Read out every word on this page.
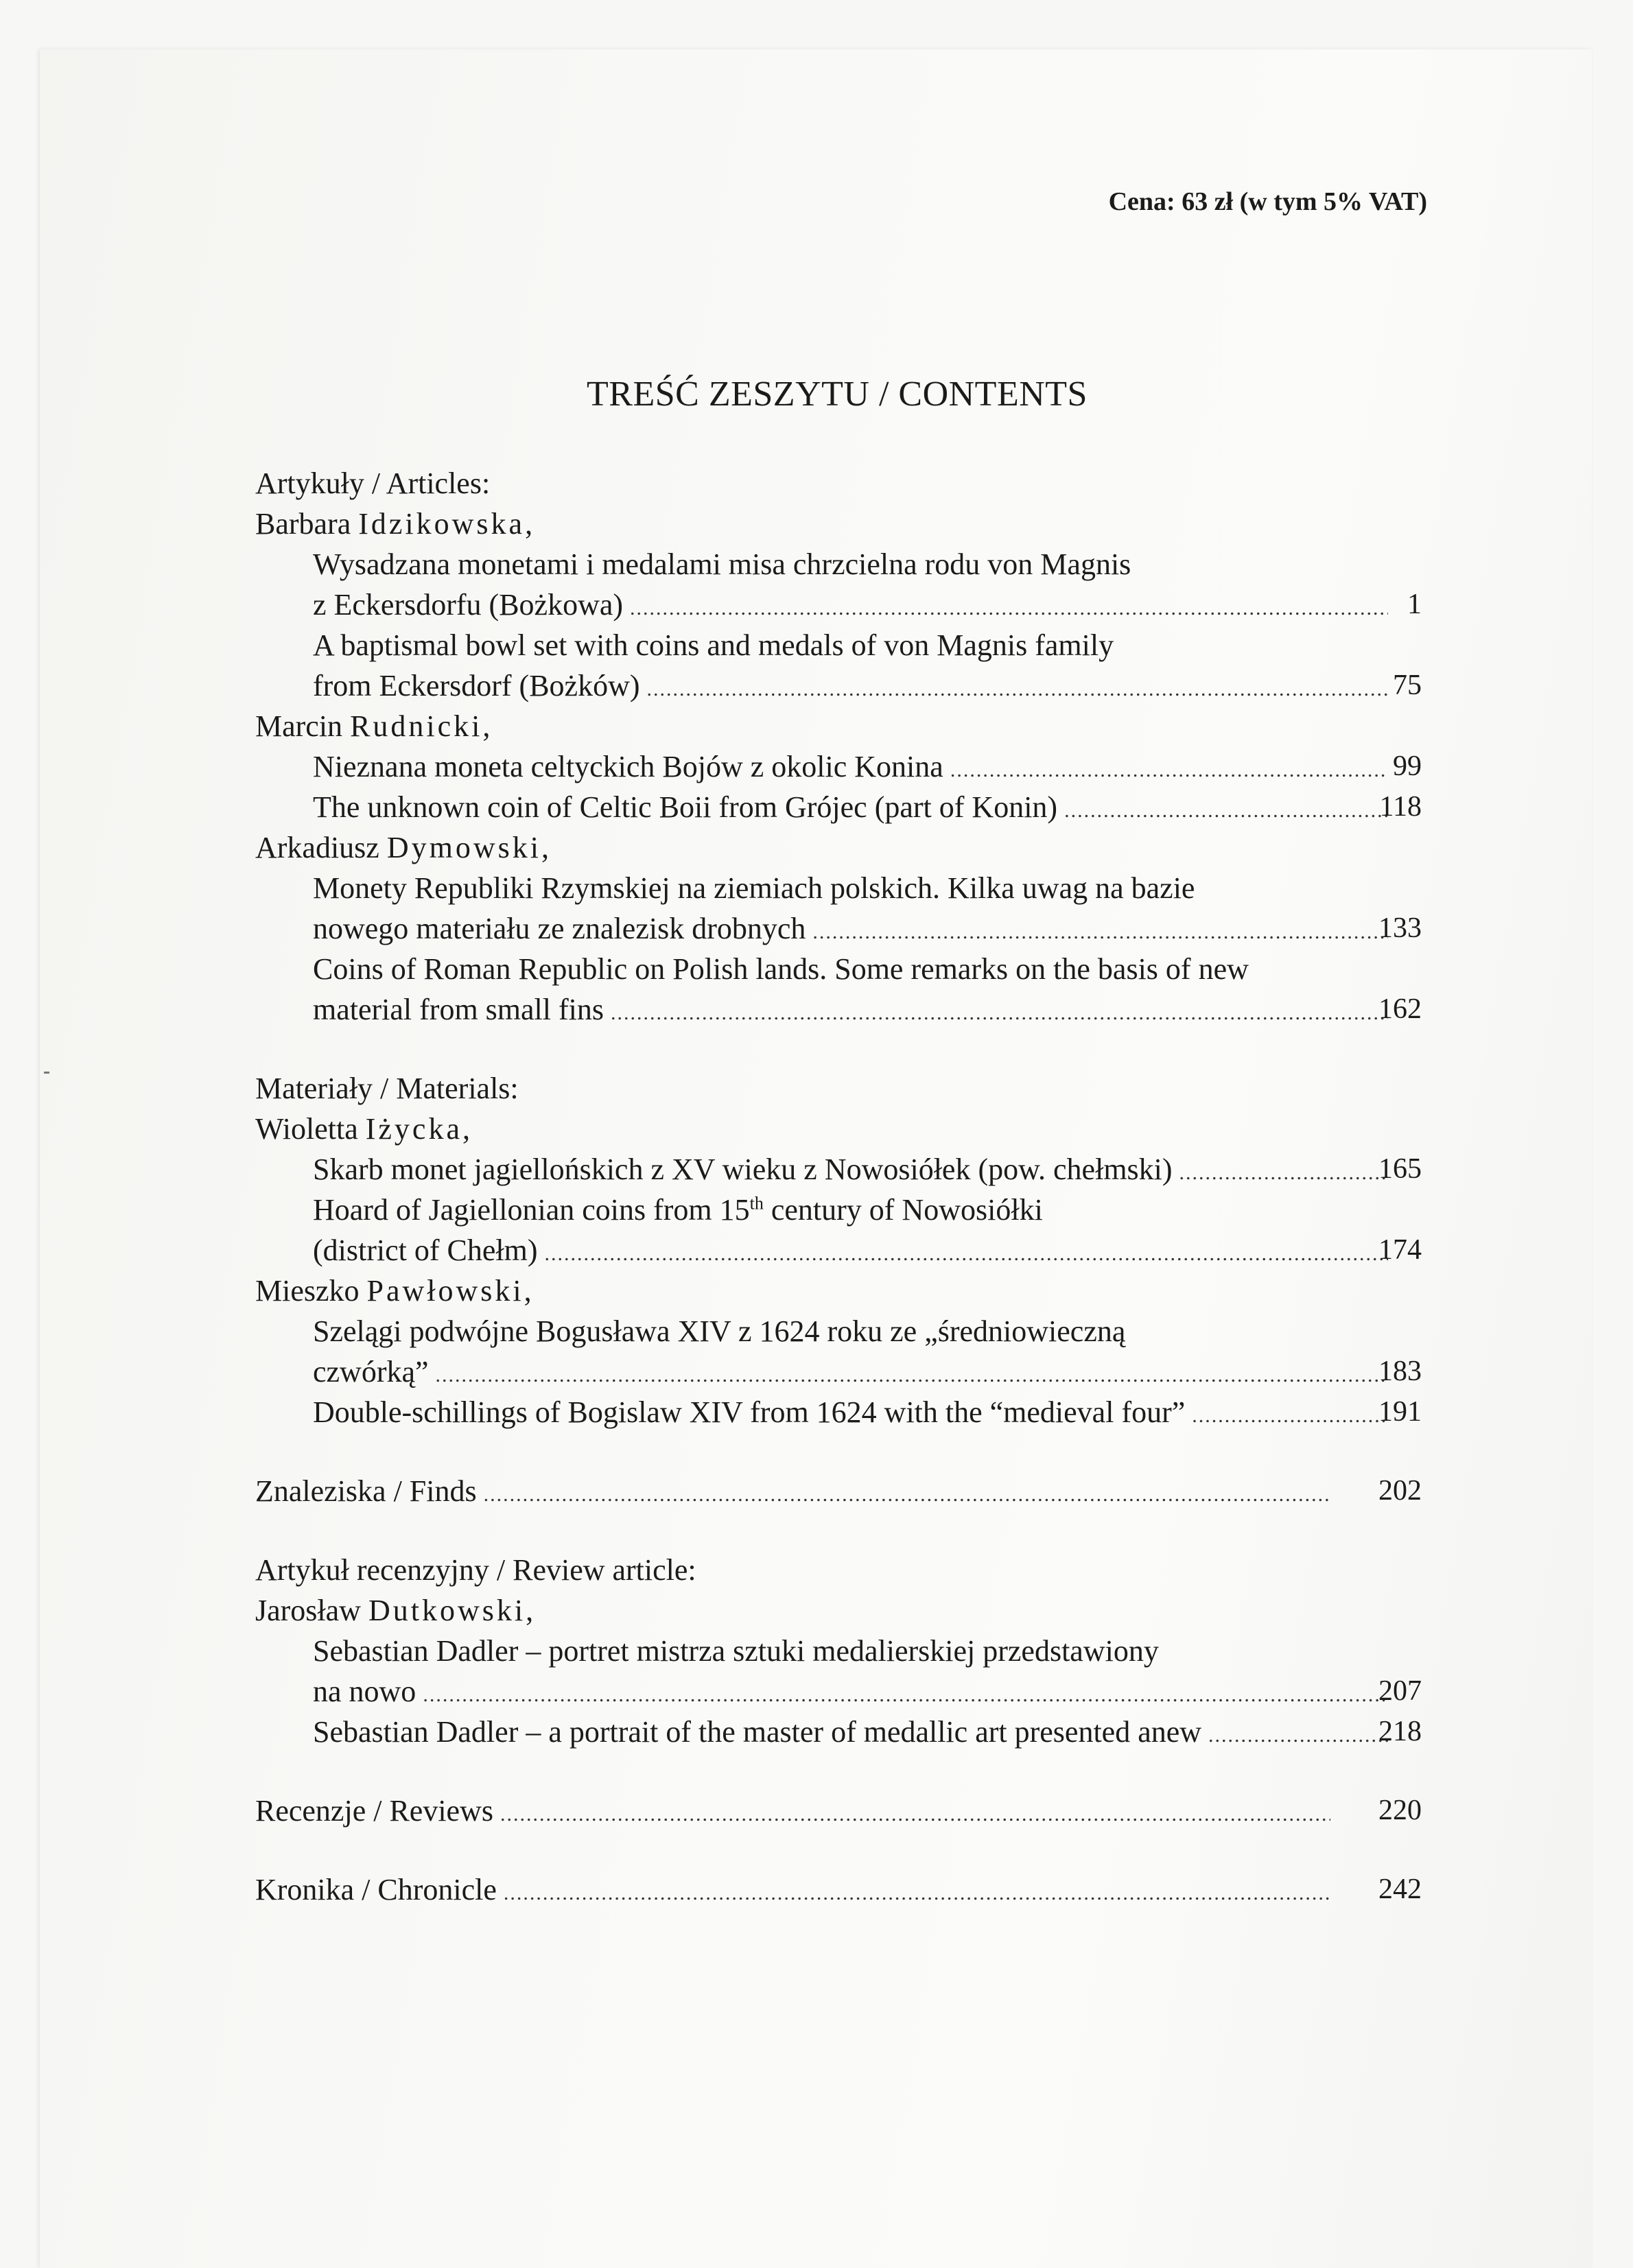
Cena: 63 zł (w tym 5% VAT)
TREŚĆ ZESZYTU / CONTENTS
Artykuły / Articles:
Barbara Idzikowska,
Wysadzana monetami i medalami misa chrzcielna rodu von Magnis
z Eckersdorfu (Bożkowa) .....	1
A baptismal bowl set with coins and medals of von Magnis family
from Eckersdorf (Bożków) .....	75
Marcin Rudnicki,
Nieznana moneta celtyckich Bojów z okolic Konina .....	99
The unknown coin of Celtic Boii from Grójec (part of Konin) .....	118
Arkadiusz Dymowski,
Monety Republiki Rzymskiej na ziemiach polskich. Kilka uwag na bazie
nowego materiału ze znalezisk drobnych .....	133
Coins of Roman Republic on Polish lands. Some remarks on the basis of new
material from small fins .....	162
Materiały / Materials:
Wioletta Iżycka,
Skarb monet jagiellońskich z XV wieku z Nowosiółek (pow. chełmski) .....	165
Hoard of Jagiellonian coins from 15th century of Nowosiółki
(district of Chełm) .....	174
Mieszko Pawłowski,
Szelągi podwójne Bogusława XIV z 1624 roku ze „średniowieczną
czwórką” .....	183
Double-schillings of Bogislaw XIV from 1624 with the “medieval four” .....	191
Znaleziska / Finds .....	202
Artykuł recenzyjny / Review article:
Jarosław Dutkowski,
Sebastian Dadler – portret mistrza sztuki medalierskiej przedstawiony
na nowo .....	207
Sebastian Dadler – a portrait of the master of medallic art presented anew .....	218
Recenzje / Reviews .....	220
Kronika / Chronicle .....	242
